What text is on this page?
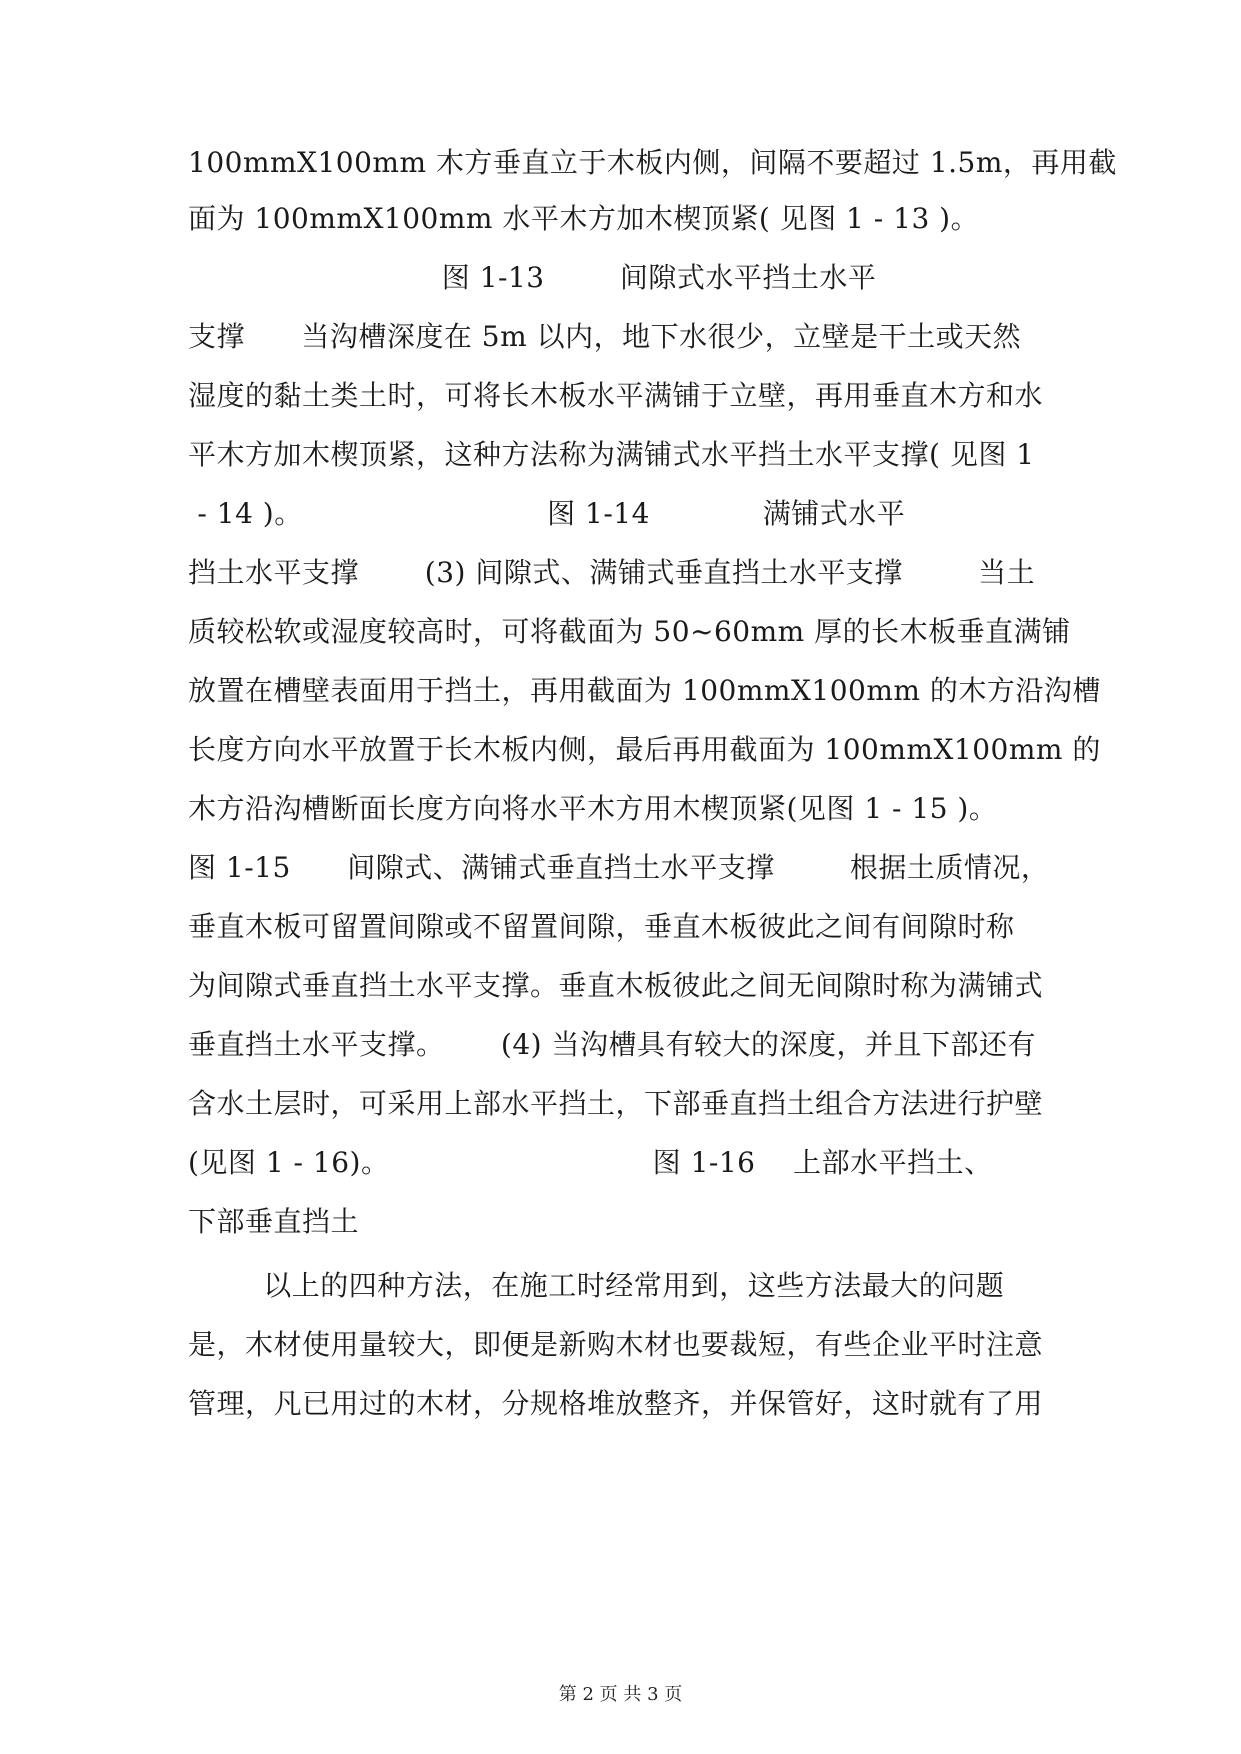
100mmX100mm 木方垂直立于木板内侧，间隔不要超过 1.5m，再用截
面为 100mmX100mm 水平木方加木楔顶紧( 见图 1 - 13 )。
图 1-13        间隙式水平挡土水平
支撑      当沟槽深度在 5m 以内，地下水很少，立壁是干土或天然
湿度的黏土类土时，可将长木板水平满铺于立壁，再用垂直木方和水
平木方加木楔顶紧，这种方法称为满铺式水平挡土水平支撑( 见图 1
- 14 )。                          图 1-14            满铺式水平
挡土水平支撑       (3) 间隙式、满铺式垂直挡土水平支撑        当土
质较松软或湿度较高时，可将截面为 50~60mm 厚的长木板垂直满铺
放置在槽壁表面用于挡土，再用截面为 100mmX100mm 的木方沿沟槽
长度方向水平放置于长木板内侧，最后再用截面为 100mmX100mm 的
木方沿沟槽断面长度方向将水平木方用木楔顶紧(见图 1 - 15 )。
图 1-15      间隙式、满铺式垂直挡土水平支撑        根据土质情况，
垂直木板可留置间隙或不留置间隙，垂直木板彼此之间有间隙时称
为间隙式垂直挡土水平支撑。垂直木板彼此之间无间隙时称为满铺式
垂直挡土水平支撑。      (4) 当沟槽具有较大的深度，并且下部还有
含水土层时，可采用上部水平挡土，下部垂直挡土组合方法进行护壁
(见图 1 - 16)。                            图 1-16    上部水平挡土、
下部垂直挡土
以上的四种方法，在施工时经常用到，这些方法最大的问题
是，木材使用量较大，即便是新购木材也要裁短，有些企业平时注意
管理，凡已用过的木材，分规格堆放整齐，并保管好，这时就有了用
第 2 页 共 3 页
